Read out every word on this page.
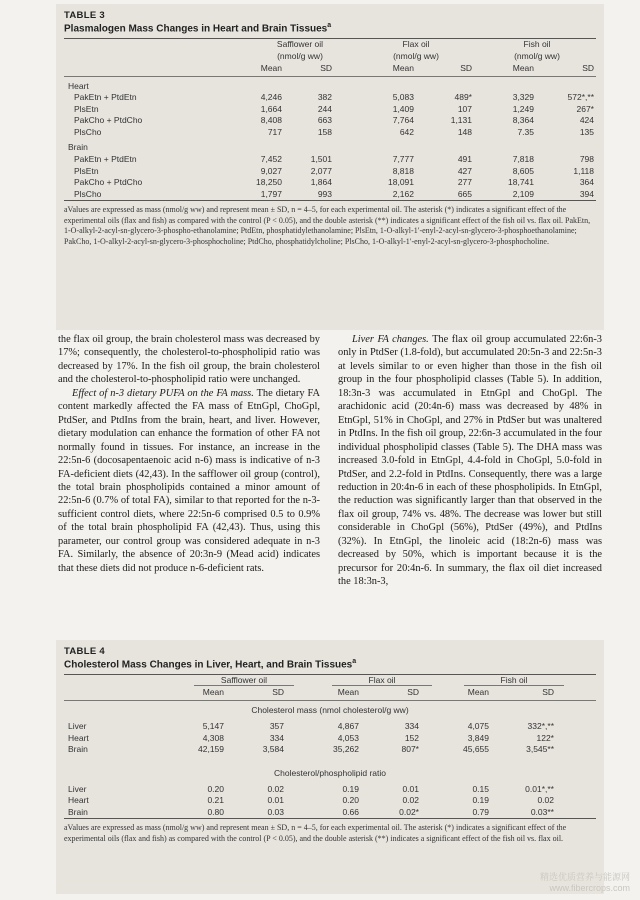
TABLE 3

Plasmalogen Mass Changes in Heart and Brain Tissues$^a$

Safflower oil	Flax oil	Fish oil
(nmol/g ww)	(nmol/g ww)	(nmol/g ww)
Mean	SD	Mean	SD	Mean	SD
Heart
PakEtn + PtdEtn	4,246	382	5,083	489*	3,329	572*,**
PlsEtn	1,664	244	1,409	107	1,249	267*
PakCho + PtdCho	8,408	663	7,764	1,131	8,364	424
PlsCho	717	158	642	148	7.35	135
Brain
PakEtn + PtdEtn	7,452	1,501	7,777	491	7,818	798
PlsEtn	9,027	2,077	8,818	427	8,605	1,118
PakCho + PtdCho	18,250	1,864	18,091	277	18,741	364
PlsCho	1,797	993	2,162	665	2,109	394

aValues are expressed as mass (nmol/g ww) and represent mean ± SD, n = 4–5, for each experimental oil. The asterisk (*) indicates a significant effect of the experimental oils (flax and fish) as compared with the control (P < 0.05), and the double asterisk (**) indicates a significant effect of the fish oil vs. flax oil. PakEtn, 1-O-alkyl-2-acyl-sn-glycero-3-phospho-ethanolamine; PtdEtn, phosphatidylethanolamine; PlsEtn, 1-O-alkyl-1′-enyl-2-acyl-sn-glycero-3-phosphoethanolamine; PakCho, 1-O-alkyl-2-acyl-sn-glycero-3-phosphocholine; PtdCho, phosphatidylcholine; PlsCho, 1-O-alkyl-1′-enyl-2-acyl-sn-glycero-3-phosphocholine.

the flax oil group, the brain cholesterol mass was decreased by 17%; consequently, the cholesterol-to-phospholipid ratio was decreased by 17%. In the fish oil group, the brain cholesterol and the cholesterol-to-phospholipid ratio were unchanged.

Effect of n-3 dietary PUFA on the FA mass. The dietary FA content markedly affected the FA mass of EtnGpl, ChoGpl, PtdSer, and PtdIns from the brain, heart, and liver. However, dietary modulation can enhance the formation of other FA not normally found in tissues. For instance, an increase in the 22:5n-6 (docosapentaenoic acid n-6) mass is indicative of n-3 FA-deficient diets (42,43). In the safflower oil group (control), the total brain phospholipids contained a minor amount of 22:5n-6 (0.7% of total FA), similar to that reported for the n-3-sufficient control diets, where 22:5n-6 comprised 0.5 to 0.9% of the total brain phospholipid FA (42,43). Thus, using this parameter, our control group was considered adequate in n-3 FA. Similarly, the absence of 20:3n-9 (Mead acid) indicates that these diets did not produce n-6-deficient rats.

Liver FA changes. The flax oil group accumulated 22:6n-3 only in PtdSer (1.8-fold), but accumulated 20:5n-3 and 22:5n-3 at levels similar to or even higher than those in the fish oil group in the four phospholipid classes (Table 5). In addition, 18:3n-3 was accumulated in EtnGpl and ChoGpl. The arachidonic acid (20:4n-6) mass was decreased by 48% in EtnGpl, 51% in ChoGpl, and 27% in PtdSer but was unaltered in PtdIns. In the fish oil group, 22:6n-3 accumulated in the four individual phospholipid classes (Table 5). The DHA mass was increased 3.0-fold in EtnGpl, 4.4-fold in ChoGpl, 5.0-fold in PtdSer, and 2.2-fold in PtdIns. Consequently, there was a large reduction in 20:4n-6 in each of these phospholipids. In EtnGpl, the reduction was significantly larger than that observed in the flax oil group, 74% vs. 48%. The decrease was lower but still considerable in ChoGpl (56%), PtdSer (49%), and PtdIns (32%). In EtnGpl, the linoleic acid (18:2n-6) mass was decreased by 50%, which is important because it is the precursor for 20:4n-6. In summary, the flax oil diet increased the 18:3n-3,

TABLE 4

Cholesterol Mass Changes in Liver, Heart, and Brain Tissues$^a$

Safflower oil	Flax oil	Fish oil
Mean	SD	Mean	SD	Mean	SD
Cholesterol mass (nmol cholesterol/g ww)
Liver	5,147	357	4,867	334	4,075	332*,**
Heart	4,308	334	4,053	152	3,849	122*
Brain	42,159	3,584	35,262	807*	45,655	3,545**
Cholesterol/phospholipid ratio
Liver	0.20	0.02	0.19	0.01	0.15	0.01*,**
Heart	0.21	0.01	0.20	0.02	0.19	0.02
Brain	0.80	0.03	0.66	0.02*	0.79	0.03**

aValues are expressed as mass (nmol/g ww) and represent mean ± SD, n = 4–5, for each experimental oil. The asterisk (*) indicates a significant effect of the experimental oils (flax and fish) as compared with the control (P < 0.05), and the double asterisk (**) indicates a significant effect of the fish oil vs. flax oil.

精选优质营养与能源网
www.fibercrops.com
